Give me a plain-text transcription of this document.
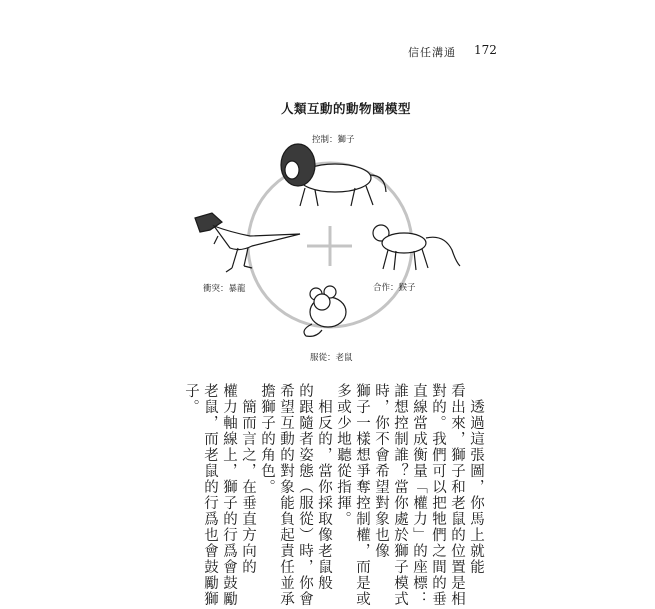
信任溝通 172
人類互動的動物圈模型
控制：獅子
衝突：暴龍	合作：猴子
服從：老鼠
　透過這張圖，你馬上就能
看出來，獅子和老鼠的位置是相
對的。我們可以把牠們之間的垂
直線當成衡量「權力」的座標：
誰想控制誰？當你處於獅子模式
時，你不會希望對象也像
獅子一樣想爭奪控制權，而是或
多或少地聽從指揮。
　相反的，當你採取像老鼠般
的跟隨者姿態（服從）時，你會
希望互動的對象能負起責任並承
擔獅子的角色。
　簡而言之，在垂直方向的
權力軸線上，獅子的行爲會鼓勵
老鼠，而老鼠的行爲也會鼓勵獅
子。
